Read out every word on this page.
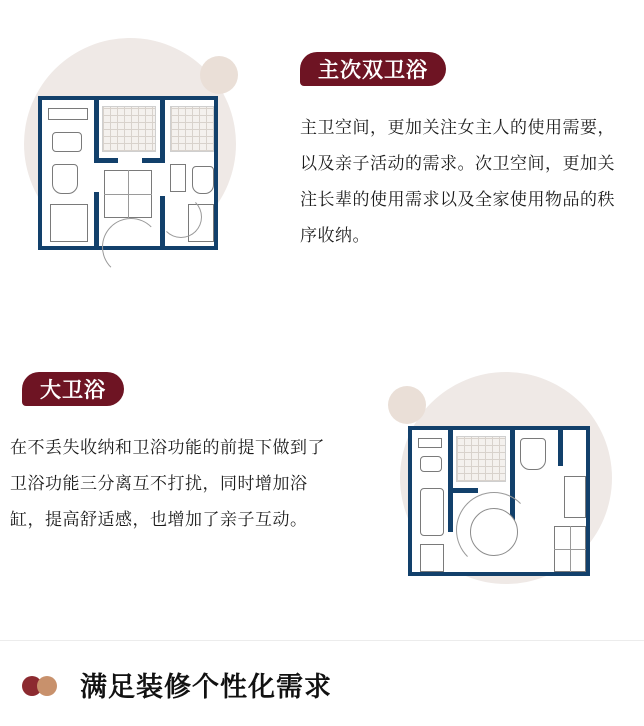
主次双卫浴
主卫空间，更加关注女主人的使用需要，以及亲子活动的需求。次卫空间，更加关注长辈的使用需求以及全家使用物品的秩序收纳。
大卫浴
在不丢失收纳和卫浴功能的前提下做到了卫浴功能三分离互不打扰，同时增加浴缸，提高舒适感，也增加了亲子互动。
满足装修个性化需求
